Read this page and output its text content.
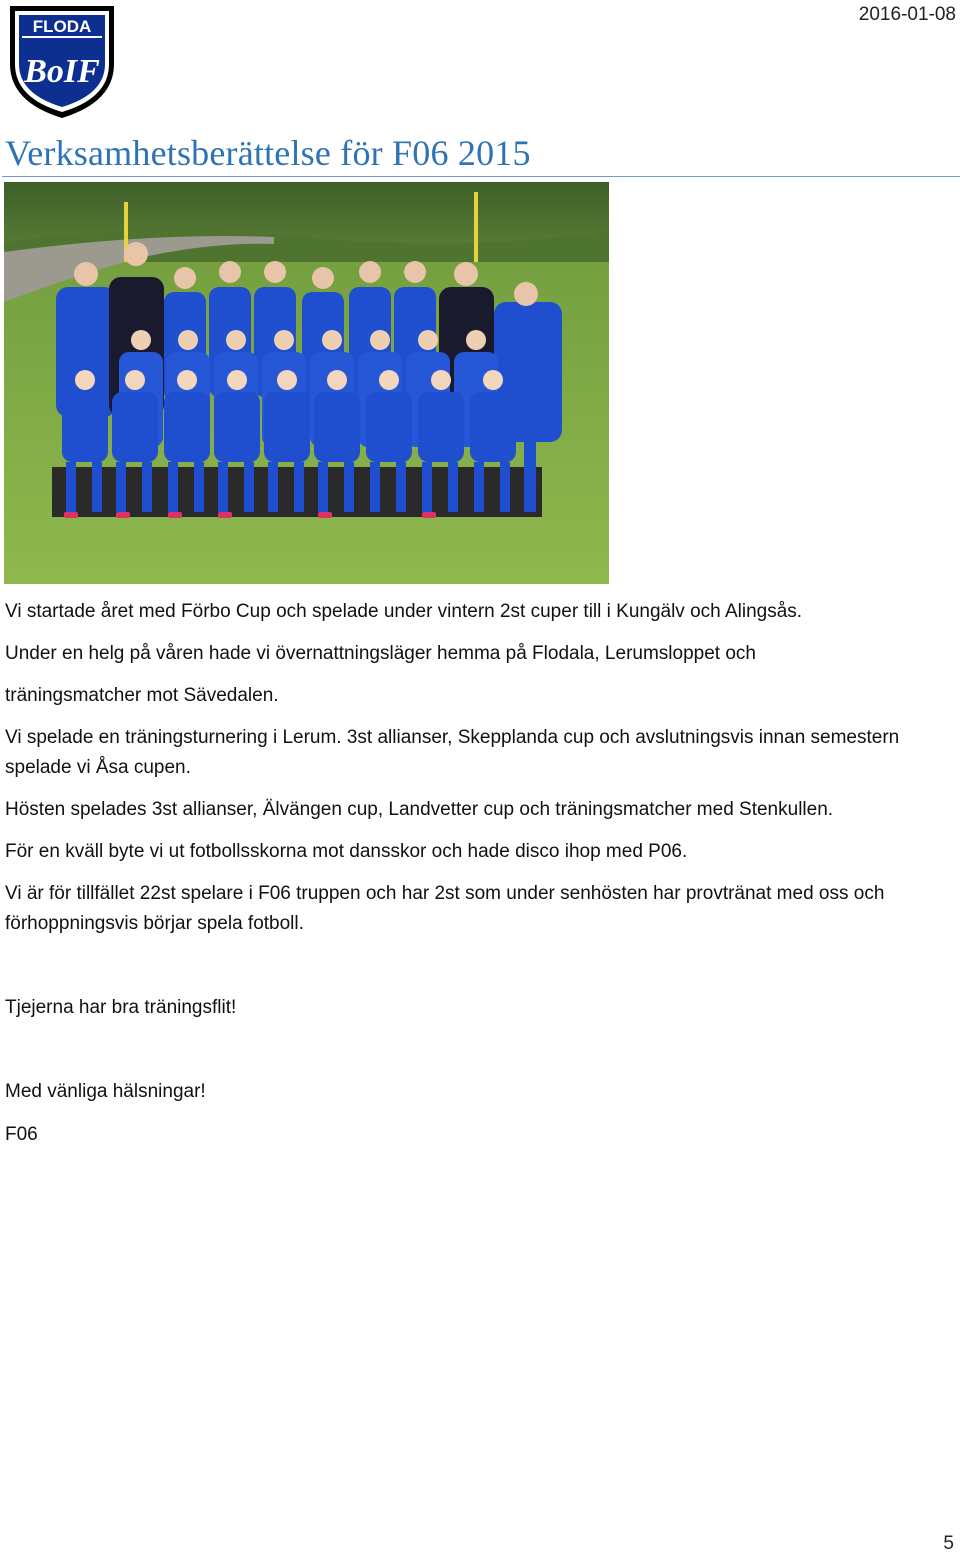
FLODA
BoIF
2016-01-08
Verksamhetsberättelse för F06 2015

Vi startade året med Förbo Cup och spelade under vintern 2st cuper till i Kungälv och Alingsås.

Under en helg på våren hade vi övernattningsläger hemma på Flodala, Lerumsloppet och

träningsmatcher mot Sävedalen.

Vi spelade en träningsturnering i Lerum. 3st allianser, Skepplanda cup och avslutningsvis innan semestern

spelade vi Åsa cupen.

Hösten spelades 3st allianser, Älvängen cup, Landvetter cup och träningsmatcher med Stenkullen.

För en kväll byte vi ut fotbollsskorna mot dansskor och hade disco ihop med P06.

Vi är för tillfället 22st spelare i F06 truppen och har 2st som under senhösten har provtränat med oss och

förhoppningsvis börjar spela fotboll.

Tjejerna har bra träningsflit!

Med vänliga hälsningar!

F06

5
